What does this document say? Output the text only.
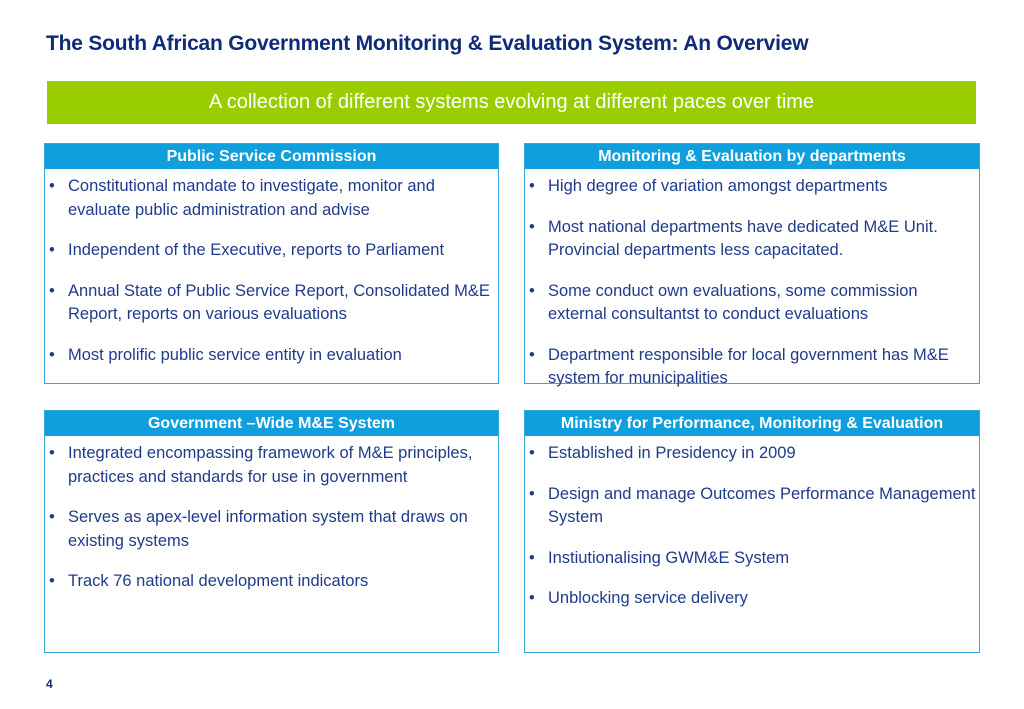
The South African Government Monitoring & Evaluation System: An Overview
A collection of different systems evolving at different paces over time
Public Service Commission
• Constitutional mandate to investigate, monitor and evaluate public administration and advise
• Independent of the Executive, reports to Parliament
• Annual State of Public Service Report, Consolidated M&E Report, reports on various evaluations
• Most prolific public service entity in evaluation
Monitoring & Evaluation by departments
• High degree of variation amongst departments
• Most national departments have dedicated M&E Unit. Provincial departments less capacitated.
• Some conduct own evaluations, some commission external consultantst to conduct evaluations
• Department responsible for local government has M&E system for municipalities
Government –Wide M&E System
• Integrated encompassing framework of M&E principles, practices and standards for use in government
• Serves as apex-level information system that draws on existing systems
• Track 76 national development indicators
Ministry for Performance, Monitoring & Evaluation
• Established in Presidency in 2009
• Design and manage Outcomes Performance Management System
• Instiutionalising GWM&E System
• Unblocking service delivery
4
